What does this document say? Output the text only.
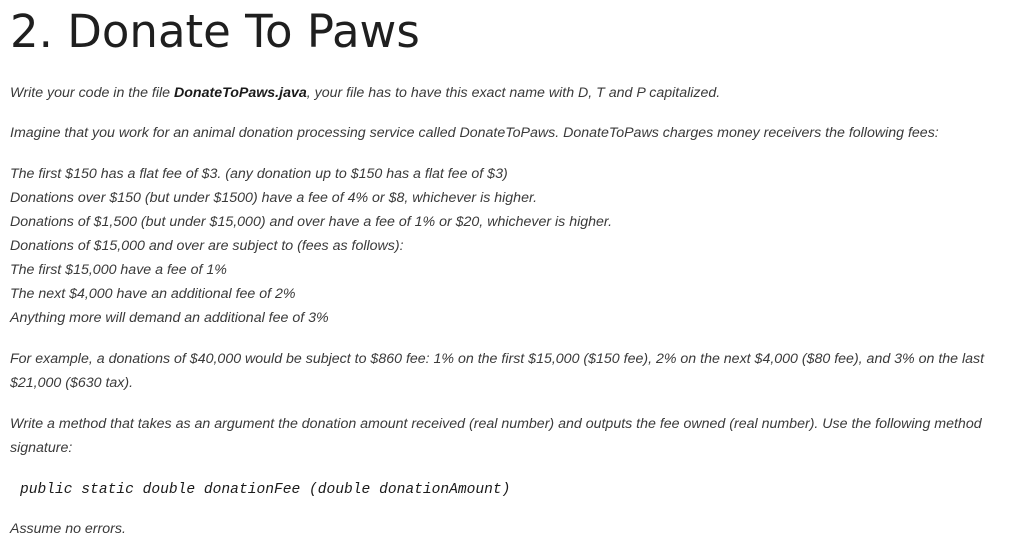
2. Donate To Paws

Write your code in the file DonateToPaws.java, your file has to have this exact name with D, T and P capitalized.

Imagine that you work for an animal donation processing service called DonateToPaws. DonateToPaws charges money receivers the following fees:

The first $150 has a flat fee of $3. (any donation up to $150 has a flat fee of $3)

Donations over $150 (but under $1500) have a fee of 4% or $8, whichever is higher.

Donations of $1,500 (but under $15,000) and over have a fee of 1% or $20, whichever is higher.

Donations of $15,000 and over are subject to (fees as follows):

The first $15,000 have a fee of 1%

The next $4,000 have an additional fee of 2%

Anything more will demand an additional fee of 3%

For example, a donations of $40,000 would be subject to $860 fee: 1% on the first $15,000 ($150 fee), 2% on the next $4,000 ($80 fee), and 3% on the last $21,000 ($630 tax).

Write a method that takes as an argument the donation amount received (real number) and outputs the fee owned (real number). Use the following method signature:

public static double donationFee (double donationAmount)

Assume no errors.
